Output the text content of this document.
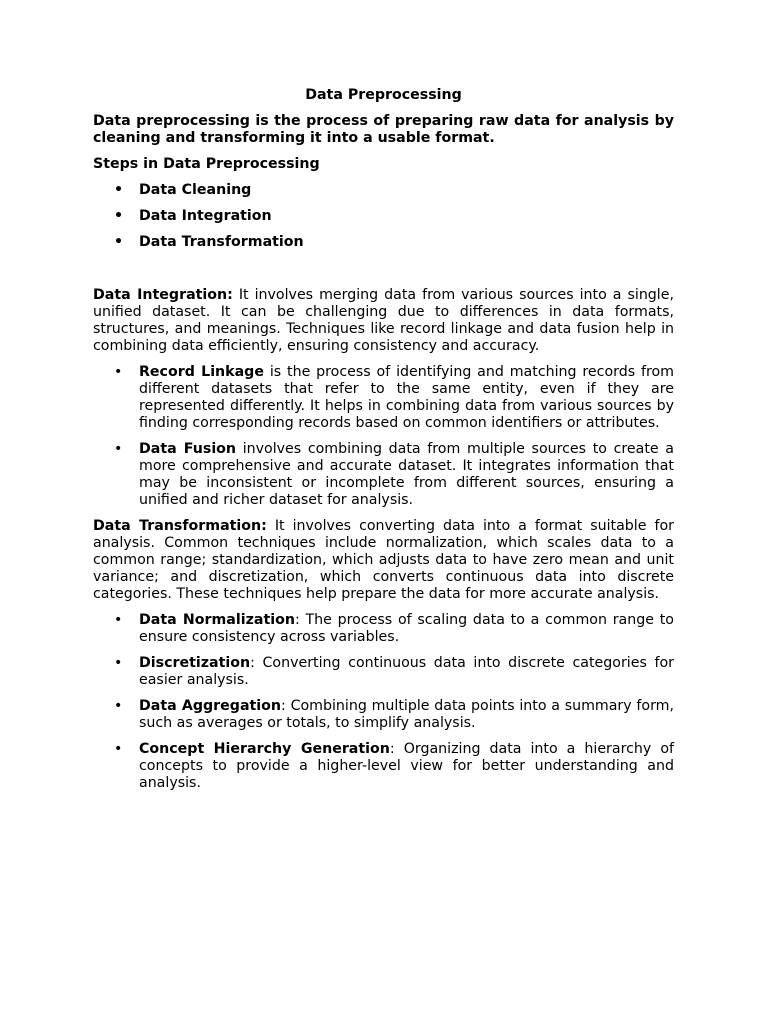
Data Preprocessing

Data preprocessing is the process of preparing raw data for analysis by cleaning and transforming it into a usable format.

Steps in Data Preprocessing
• Data Cleaning
• Data Integration
• Data Transformation

Data Integration: It involves merging data from various sources into a single, unified dataset. It can be challenging due to differences in data formats, structures, and meanings. Techniques like record linkage and data fusion help in combining data efficiently, ensuring consistency and accuracy.

• Record Linkage is the process of identifying and matching records from different datasets that refer to the same entity, even if they are represented differently. It helps in combining data from various sources by finding corresponding records based on common identifiers or attributes.
• Data Fusion involves combining data from multiple sources to create a more comprehensive and accurate dataset. It integrates information that may be inconsistent or incomplete from different sources, ensuring a unified and richer dataset for analysis.

Data Transformation: It involves converting data into a format suitable for analysis. Common techniques include normalization, which scales data to a common range; standardization, which adjusts data to have zero mean and unit variance; and discretization, which converts continuous data into discrete categories. These techniques help prepare the data for more accurate analysis.

• Data Normalization: The process of scaling data to a common range to ensure consistency across variables.
• Discretization: Converting continuous data into discrete categories for easier analysis.
• Data Aggregation: Combining multiple data points into a summary form, such as averages or totals, to simplify analysis.
• Concept Hierarchy Generation: Organizing data into a hierarchy of concepts to provide a higher-level view for better understanding and analysis.
